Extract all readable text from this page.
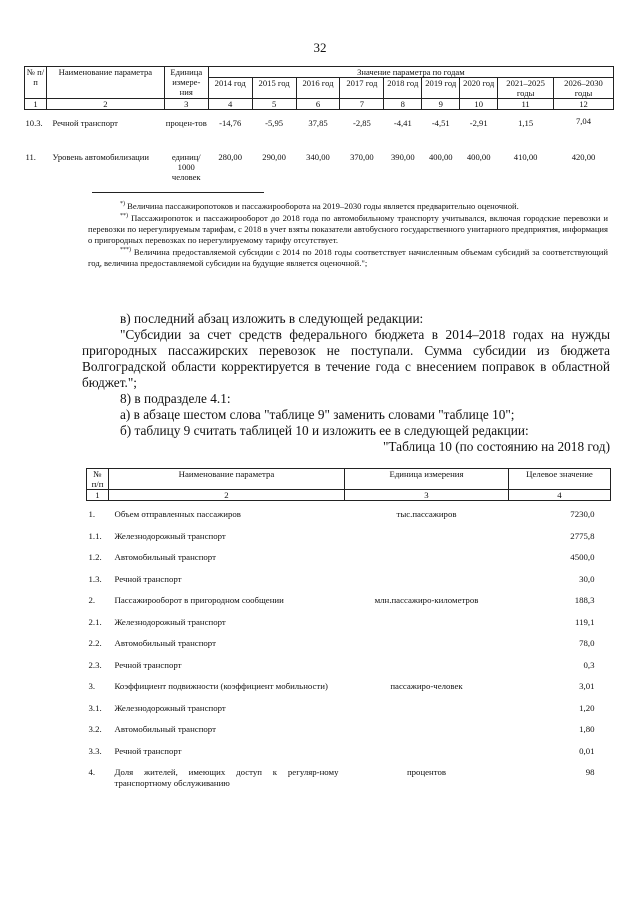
32
№ п/п	Наименование параметра	Единица измере-ния	Значение параметра по годам								
			2014 год	2015 год	2016 год	2017 год	2018 год	2019 год	2020 год	2021–2025 годы	2026–2030 годы
1	2	3	4	5	6	7	8	9	10	11	12
10.3.	Речной транспорт	процен-тов	-14,76	-5,95	37,85	-2,85	-4,41	-4,51	-2,91	1,15	7,04
11.	Уровень автомобилизации	единиц/ 1000 человек	280,00	290,00	340,00	370,00	390,00	400,00	400,00	410,00	420,00

*) Величина пассажиропотоков и пассажирооборота на 2019–2030 годы является предварительно оценочной.

**) Пассажиропоток и пассажирооборот до 2018 года по автомобильному транспорту учитывался, включая городские перевозки и перевозки по нерегулируемым тарифам, с 2018 в учет взяты показатели автобусного государственного унитарного предприятия, информация о пригородных перевозках по нерегулируемому тарифу отсутствует.

***) Величина предоставляемой субсидии с 2014 по 2018 годы соответствует начисленным объемам субсидий за соответствующий год, величина предоставляемой субсидии на будущие является оценочной.";

в) последний абзац изложить в следующей редакции:

"Субсидии за счет средств федерального бюджета в 2014–2018 годах на нужды пригородных пассажирских перевозок не поступали. Сумма субсидии из бюджета Волгоградской области корректируется в течение года с внесением поправок в областной бюджет.";

8) в подразделе 4.1:

а) в абзаце шестом слова "таблице 9" заменить словами "таблице 10";

б) таблицу 9 считать таблицей 10 и изложить ее в следующей редакции:

"Таблица 10 (по состоянию на 2018 год)

№ п/п	Наименование параметра	Единица измерения	Целевое значение
1	2	3	4
1.	Объем отправленных пассажиров	тыс.пассажиров	7230,0
1.1.	Железнодорожный транспорт		2775,8
1.2.	Автомобильный транспорт		4500,0
1.3.	Речной транспорт		30,0
2.	Пассажирооборот в пригородном сообщении	млн.пассажиро-километров	188,3
2.1.	Железнодорожный транспорт		119,1
2.2.	Автомобильный транспорт		78,0
2.3.	Речной транспорт		0,3
3.	Коэффициент подвижности (коэффициент мобильности)	пассажиро-человек	3,01
3.1.	Железнодорожный транспорт		1,20
3.2.	Автомобильный транспорт		1,80
3.3.	Речной транспорт		0,01
4.	Доля жителей, имеющих доступ к регуляр-ному транспортному обслуживанию	процентов	98
